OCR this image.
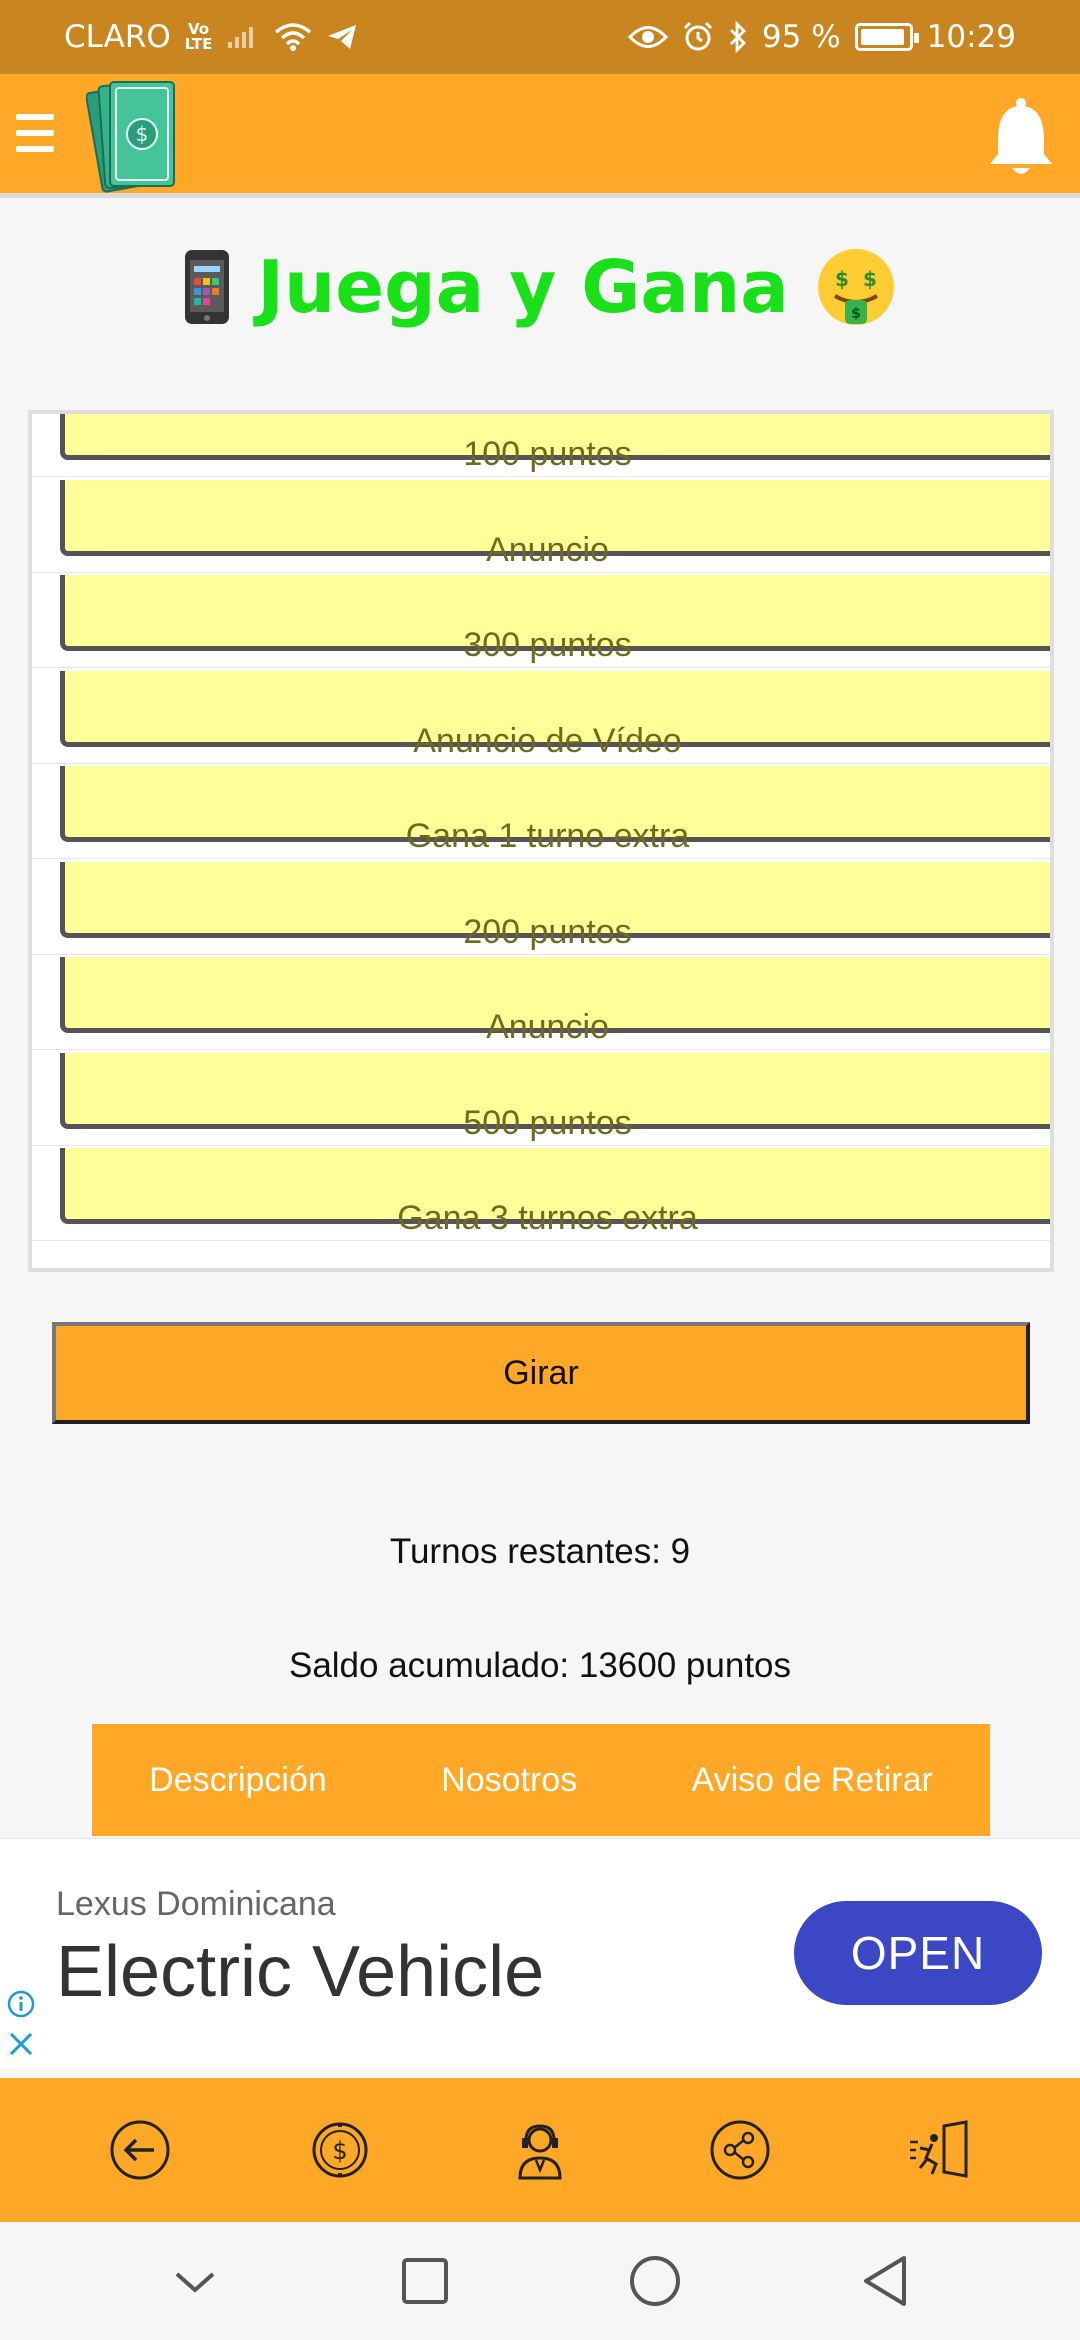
CLARO Vo
LTE	95 %	10:29
$
Juega y Gana $ $
$
100 puntos
Anuncio
300 puntos
Anuncio de Vídeo
Gana 1 turno extra
200 puntos
Anuncio
500 puntos
Gana 3 turnos extra
Girar
Turnos restantes: 9
Saldo acumulado: 13600 puntos
Descripción	Nosotros	Aviso de Retirar
Lexus Dominicana
Electric Vehicle	OPEN
$
